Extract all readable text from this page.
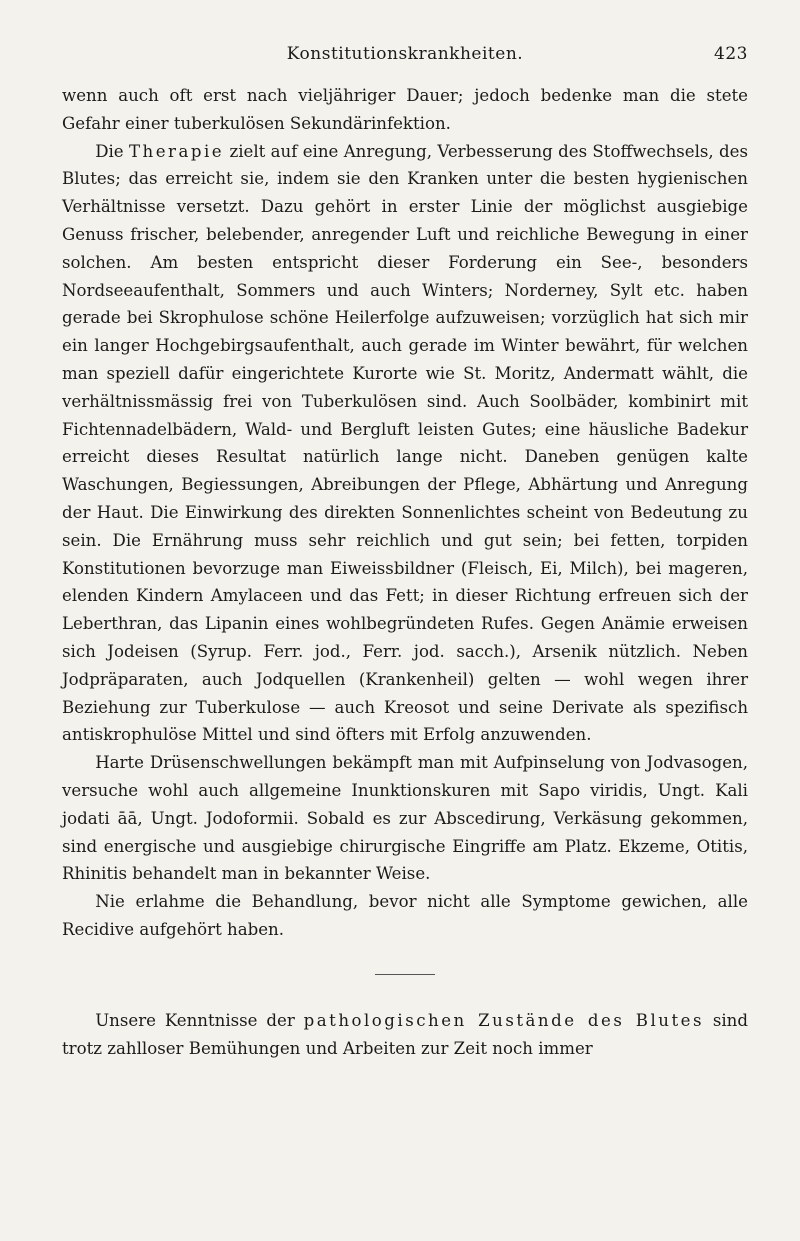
Konstitutionskrankheiten.	423

wenn auch oft erst nach vieljähriger Dauer; jedoch bedenke man die stete Gefahr einer tuberkulösen Sekundärinfektion.

Die Therapie zielt auf eine Anregung, Verbesserung des Stoffwechsels, des Blutes; das erreicht sie, indem sie den Kranken unter die besten hygienischen Verhältnisse versetzt. Dazu gehört in erster Linie der möglichst ausgiebige Genuss frischer, belebender, anregender Luft und reichliche Bewegung in einer solchen. Am besten entspricht dieser Forderung ein See-, besonders Nordseeaufenthalt, Sommers und auch Winters; Norderney, Sylt etc. haben gerade bei Skrophulose schöne Heilerfolge aufzuweisen; vorzüglich hat sich mir ein langer Hochgebirgsaufenthalt, auch gerade im Winter bewährt, für welchen man speziell dafür eingerichtete Kurorte wie St. Moritz, Andermatt wählt, die verhältnissmässig frei von Tuberkulösen sind. Auch Soolbäder, kombinirt mit Fichtennadelbädern, Wald- und Bergluft leisten Gutes; eine häusliche Badekur erreicht dieses Resultat natürlich lange nicht. Daneben genügen kalte Waschungen, Begiessungen, Abreibungen der Pflege, Abhärtung und Anregung der Haut. Die Einwirkung des direkten Sonnenlichtes scheint von Bedeutung zu sein. Die Ernährung muss sehr reichlich und gut sein; bei fetten, torpiden Konstitutionen bevorzuge man Eiweissbildner (Fleisch, Ei, Milch), bei mageren, elenden Kindern Amylaceen und das Fett; in dieser Richtung erfreuen sich der Leberthran, das Lipanin eines wohlbegründeten Rufes. Gegen Anämie erweisen sich Jodeisen (Syrup. Ferr. jod., Ferr. jod. sacch.), Arsenik nützlich. Neben Jodpräparaten, auch Jodquellen (Krankenheil) gelten — wohl wegen ihrer Beziehung zur Tuberkulose — auch Kreosot und seine Derivate als spezifisch antiskrophulöse Mittel und sind öfters mit Erfolg anzuwenden.

Harte Drüsenschwellungen bekämpft man mit Aufpinselung von Jodvasogen, versuche wohl auch allgemeine Inunktionskuren mit Sapo viridis, Ungt. Kali jodati āā, Ungt. Jodoformii. Sobald es zur Abscedirung, Verkäsung gekommen, sind energische und ausgiebige chirurgische Eingriffe am Platz. Ekzeme, Otitis, Rhinitis behandelt man in bekannter Weise.

Nie erlahme die Behandlung, bevor nicht alle Symptome gewichen, alle Recidive aufgehört haben.

Unsere Kenntnisse der pathologischen Zustände des Blutes sind trotz zahlloser Bemühungen und Arbeiten zur Zeit noch immer
